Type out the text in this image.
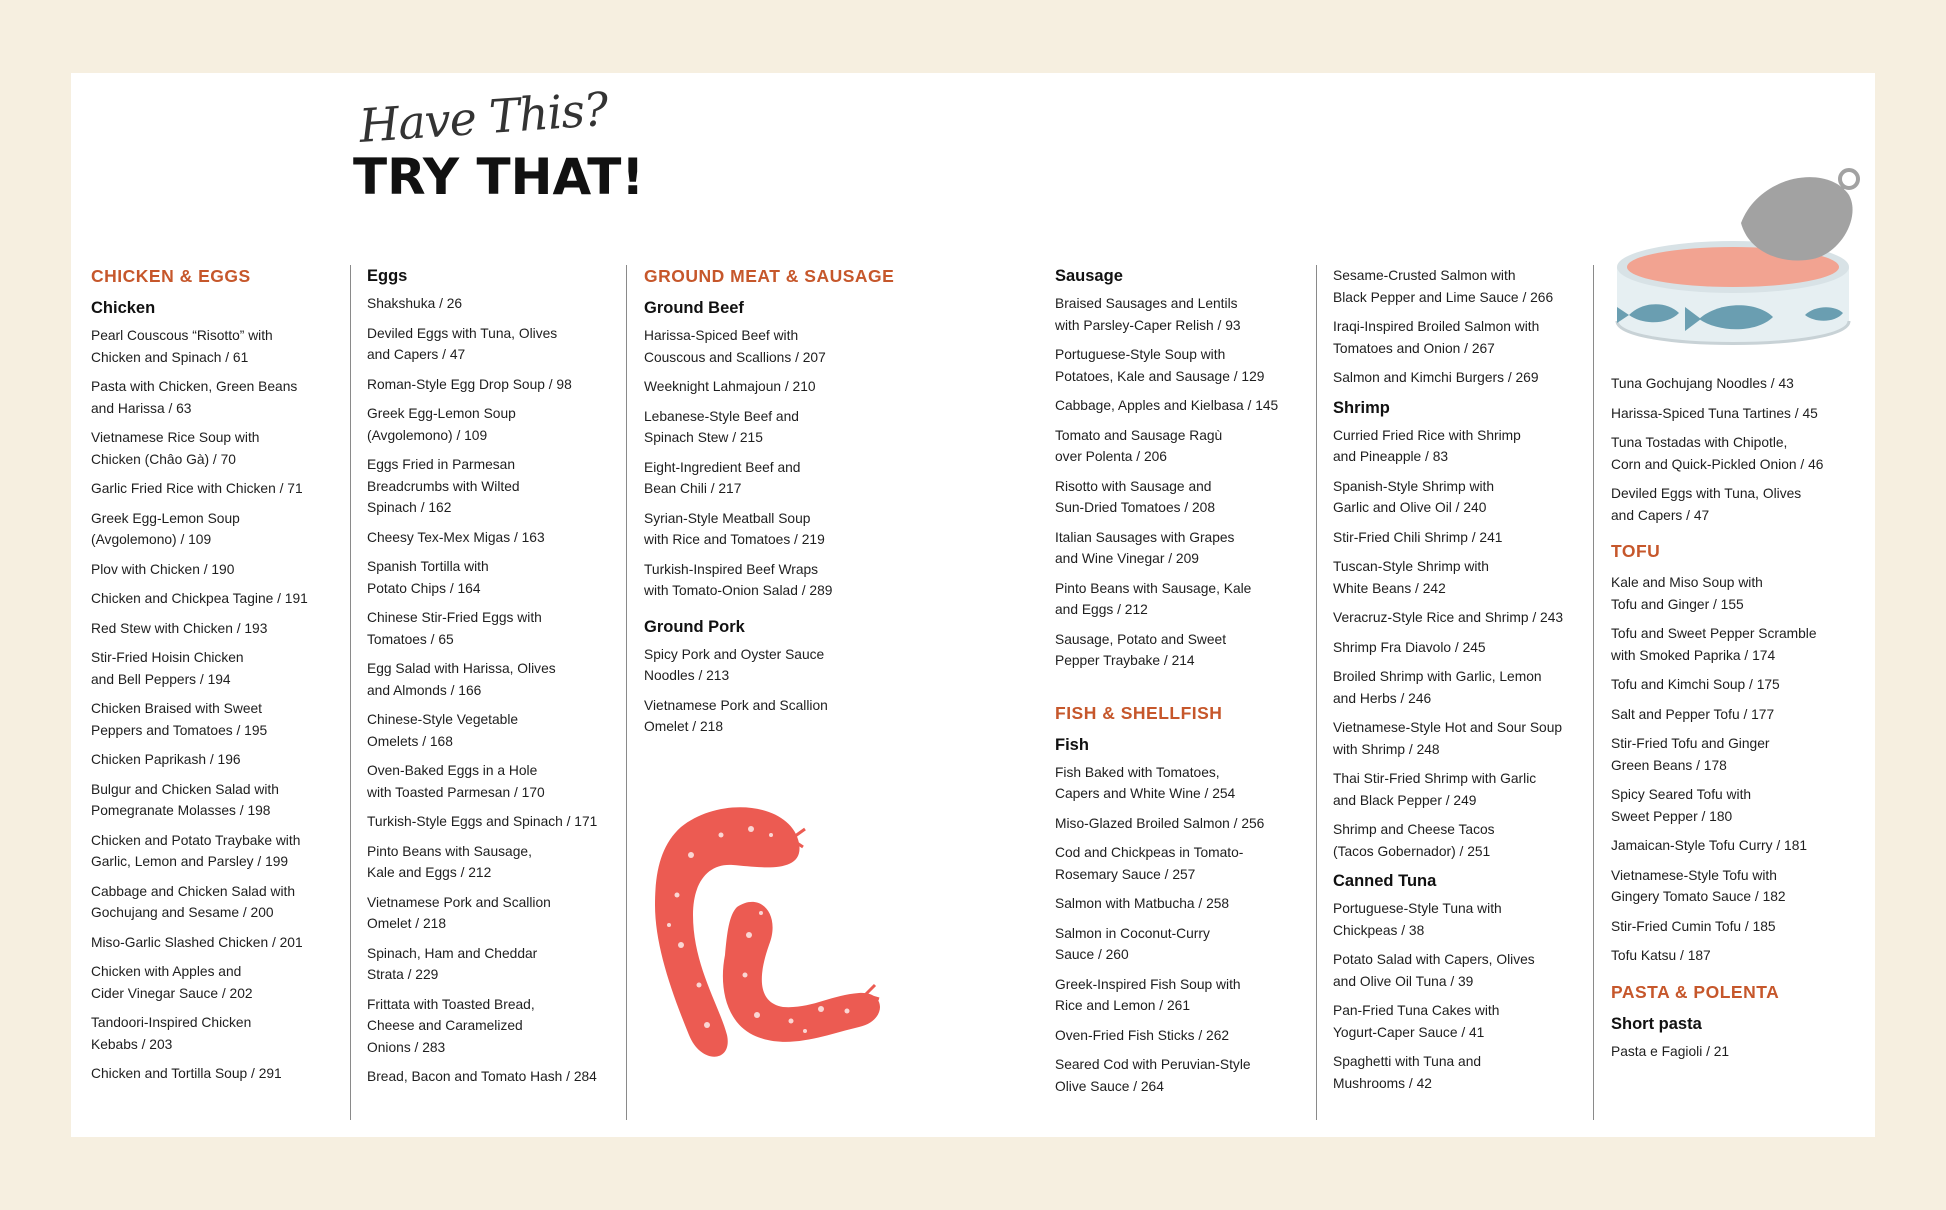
Have This?
TRY THAT!
CHICKEN & EGGS
Chicken
Pearl Couscous “Risotto” with
Chicken and Spinach / 61
Pasta with Chicken, Green Beans
and Harissa / 63
Vietnamese Rice Soup with
Chicken (Châo Gà) / 70
Garlic Fried Rice with Chicken / 71
Greek Egg-Lemon Soup
(Avgolemono) / 109
Plov with Chicken / 190
Chicken and Chickpea Tagine / 191
Red Stew with Chicken / 193
Stir-Fried Hoisin Chicken
and Bell Peppers / 194
Chicken Braised with Sweet
Peppers and Tomatoes / 195
Chicken Paprikash / 196
Bulgur and Chicken Salad with
Pomegranate Molasses / 198
Chicken and Potato Traybake with
Garlic, Lemon and Parsley / 199
Cabbage and Chicken Salad with
Gochujang and Sesame / 200
Miso-Garlic Slashed Chicken / 201
Chicken with Apples and
Cider Vinegar Sauce / 202
Tandoori-Inspired Chicken
Kebabs / 203
Chicken and Tortilla Soup / 291
Eggs
Shakshuka / 26
Deviled Eggs with Tuna, Olives
and Capers / 47
Roman-Style Egg Drop Soup / 98
Greek Egg-Lemon Soup
(Avgolemono) / 109
Eggs Fried in Parmesan
Breadcrumbs with Wilted
Spinach / 162
Cheesy Tex-Mex Migas / 163
Spanish Tortilla with
Potato Chips / 164
Chinese Stir-Fried Eggs with
Tomatoes / 65
Egg Salad with Harissa, Olives
and Almonds / 166
Chinese-Style Vegetable
Omelets / 168
Oven-Baked Eggs in a Hole
with Toasted Parmesan / 170
Turkish-Style Eggs and Spinach / 171
Pinto Beans with Sausage,
Kale and Eggs / 212
Vietnamese Pork and Scallion
Omelet / 218
Spinach, Ham and Cheddar
Strata / 229
Frittata with Toasted Bread,
Cheese and Caramelized
Onions / 283
Bread, Bacon and Tomato Hash / 284
GROUND MEAT & SAUSAGE
Ground Beef
Harissa-Spiced Beef with
Couscous and Scallions / 207
Weeknight Lahmajoun / 210
Lebanese-Style Beef and
Spinach Stew / 215
Eight-Ingredient Beef and
Bean Chili / 217
Syrian-Style Meatball Soup
with Rice and Tomatoes / 219
Turkish-Inspired Beef Wraps
with Tomato-Onion Salad / 289
Ground Pork
Spicy Pork and Oyster Sauce
Noodles / 213
Vietnamese Pork and Scallion
Omelet / 218
Sausage
Braised Sausages and Lentils
with Parsley-Caper Relish / 93
Portuguese-Style Soup with
Potatoes, Kale and Sausage / 129
Cabbage, Apples and Kielbasa / 145
Tomato and Sausage Ragù
over Polenta / 206
Risotto with Sausage and
Sun-Dried Tomatoes / 208
Italian Sausages with Grapes
and Wine Vinegar / 209
Pinto Beans with Sausage, Kale
and Eggs / 212
Sausage, Potato and Sweet
Pepper Traybake / 214
FISH & SHELLFISH
Fish
Fish Baked with Tomatoes,
Capers and White Wine / 254
Miso-Glazed Broiled Salmon / 256
Cod and Chickpeas in Tomato-
Rosemary Sauce / 257
Salmon with Matbucha / 258
Salmon in Coconut-Curry
Sauce / 260
Greek-Inspired Fish Soup with
Rice and Lemon / 261
Oven-Fried Fish Sticks / 262
Seared Cod with Peruvian-Style
Olive Sauce / 264
Sesame-Crusted Salmon with
Black Pepper and Lime Sauce / 266
Iraqi-Inspired Broiled Salmon with
Tomatoes and Onion / 267
Salmon and Kimchi Burgers / 269
Shrimp
Curried Fried Rice with Shrimp
and Pineapple / 83
Spanish-Style Shrimp with
Garlic and Olive Oil / 240
Stir-Fried Chili Shrimp / 241
Tuscan-Style Shrimp with
White Beans / 242
Veracruz-Style Rice and Shrimp / 243
Shrimp Fra Diavolo / 245
Broiled Shrimp with Garlic, Lemon
and Herbs / 246
Vietnamese-Style Hot and Sour Soup
with Shrimp / 248
Thai Stir-Fried Shrimp with Garlic
and Black Pepper / 249
Shrimp and Cheese Tacos
(Tacos Gobernador) / 251
Canned Tuna
Portuguese-Style Tuna with
Chickpeas / 38
Potato Salad with Capers, Olives
and Olive Oil Tuna / 39
Pan-Fried Tuna Cakes with
Yogurt-Caper Sauce / 41
Spaghetti with Tuna and
Mushrooms / 42
Tuna Gochujang Noodles / 43
Harissa-Spiced Tuna Tartines / 45
Tuna Tostadas with Chipotle,
Corn and Quick-Pickled Onion / 46
Deviled Eggs with Tuna, Olives
and Capers / 47
TOFU
Kale and Miso Soup with
Tofu and Ginger / 155
Tofu and Sweet Pepper Scramble
with Smoked Paprika / 174
Tofu and Kimchi Soup / 175
Salt and Pepper Tofu / 177
Stir-Fried Tofu and Ginger
Green Beans / 178
Spicy Seared Tofu with
Sweet Pepper / 180
Jamaican-Style Tofu Curry / 181
Vietnamese-Style Tofu with
Gingery Tomato Sauce / 182
Stir-Fried Cumin Tofu / 185
Tofu Katsu / 187
PASTA & POLENTA
Short pasta
Pasta e Fagioli / 21
